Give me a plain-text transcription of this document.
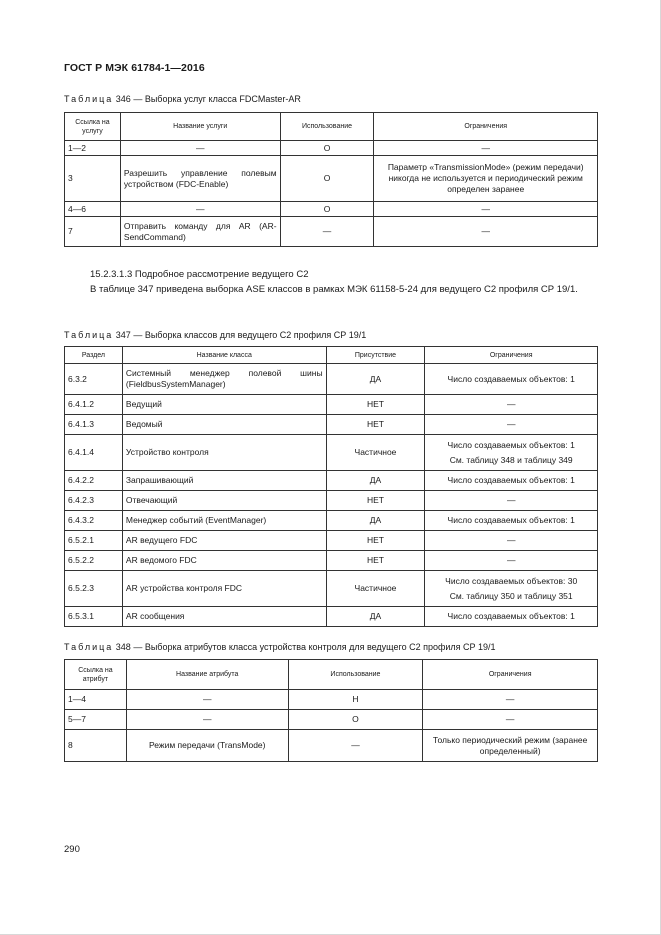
ГОСТ Р МЭК 61784-1—2016
Таблица 346 — Выборка услуг класса FDCMaster-AR
Ссылка на услугу	Название услуги	Использование	Ограничения
1—2	—	O	—
3	Разрешить управление полевым устройством (FDC-Enable)	O	Параметр «TransmissionMode» (режим передачи) никогда не используется и периодический режим определен заранее
4—6	—	O	—
7	Отправить команду для AR (AR-SendCommand)	—	—
15.2.3.1.3 Подробное рассмотрение ведущего С2
В таблице 347 приведена выборка ASE классов в рамках МЭК 61158-5-24 для ведущего С2 профиля СР 19/1.
Таблица 347 — Выборка классов для ведущего С2 профиля СР 19/1
Раздел	Название класса	Присутствие	Ограничения
6.3.2	Системный менеджер полевой шины (FieldbusSystemManager)	ДА	Число создаваемых объектов: 1

6.4.1.2	Ведущий	НЕТ	—

6.4.1.3	Ведомый	НЕТ	—

6.4.1.4	Устройство контроля	Частичное	Число создаваемых объектов: 1
См. таблицу 348 и таблицу 349

6.4.2.2	Запрашивающий	ДА	Число создаваемых объектов: 1

6.4.2.3	Отвечающий	НЕТ	—

6.4.3.2	Менеджер событий (EventManager)	ДА	Число создаваемых объектов: 1

6.5.2.1	AR ведущего FDC	НЕТ	—

6.5.2.2	AR ведомого FDC	НЕТ	—

6.5.2.3	AR устройства контроля FDC	Частичное	Число создаваемых объектов: 30
См. таблицу 350 и таблицу 351

6.5.3.1	AR сообщения	ДА	Число создаваемых объектов: 1
Таблица 348 — Выборка атрибутов класса устройства контроля для ведущего С2 профиля СР 19/1
Ссылка на атрибут	Название атрибута	Использование	Ограничения
1—4	—	H	—
5—7	—	O	—
8	Режим передачи (TransMode)	—	Только периодический режим (заранее определенный)
290
